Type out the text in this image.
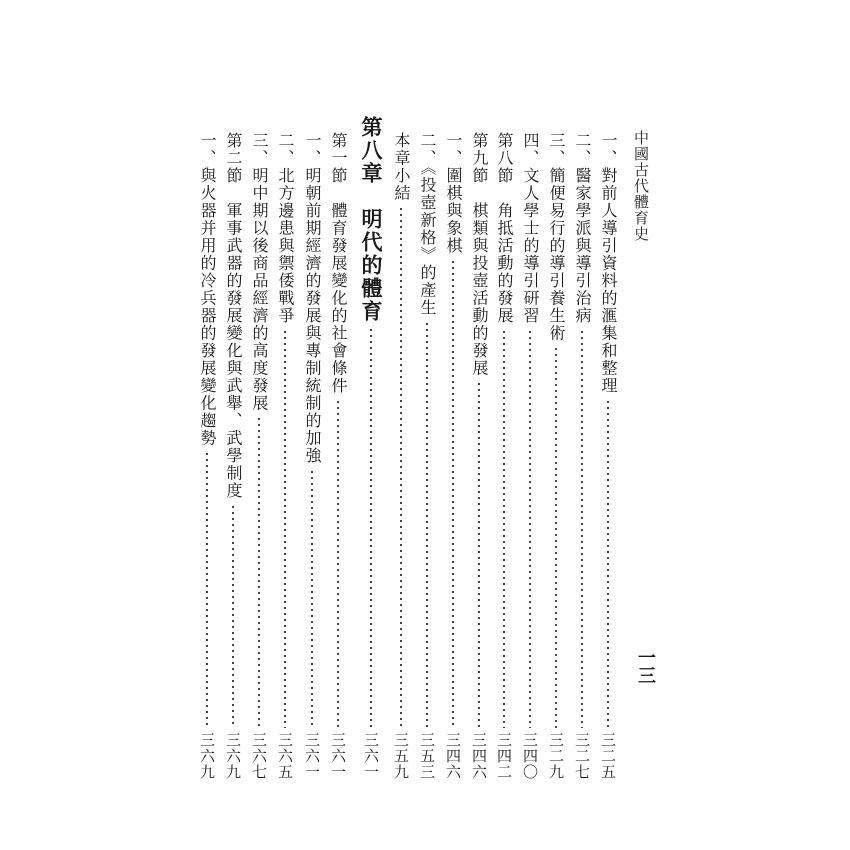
中國古代體育史
一三
一、對前人導引資料的滙集和整理
三二五
二、醫家學派與導引治病
三二七
三、簡便易行的導引養生術
三二九
四、文人學士的導引研習
三四〇
第八節　角抵活動的發展
三四二
第九節　棋類與投壺活動的發展
三四六
一、圍棋與象棋
三四六
二、《投壺新格》的產生
三五三
本章小結
三五九
第八章　明代的體育
三六一
第一節　體育發展變化的社會條件
三六一
一、明朝前期經濟的發展與專制統制的加強
三六一
二、北方邊患與禦倭戰爭
三六五
三、明中期以後商品經濟的高度發展
三六七
第二節　軍事武器的發展變化與武舉、武學制度
三六九
一、與火器并用的冷兵器的發展變化趨勢
三六九
